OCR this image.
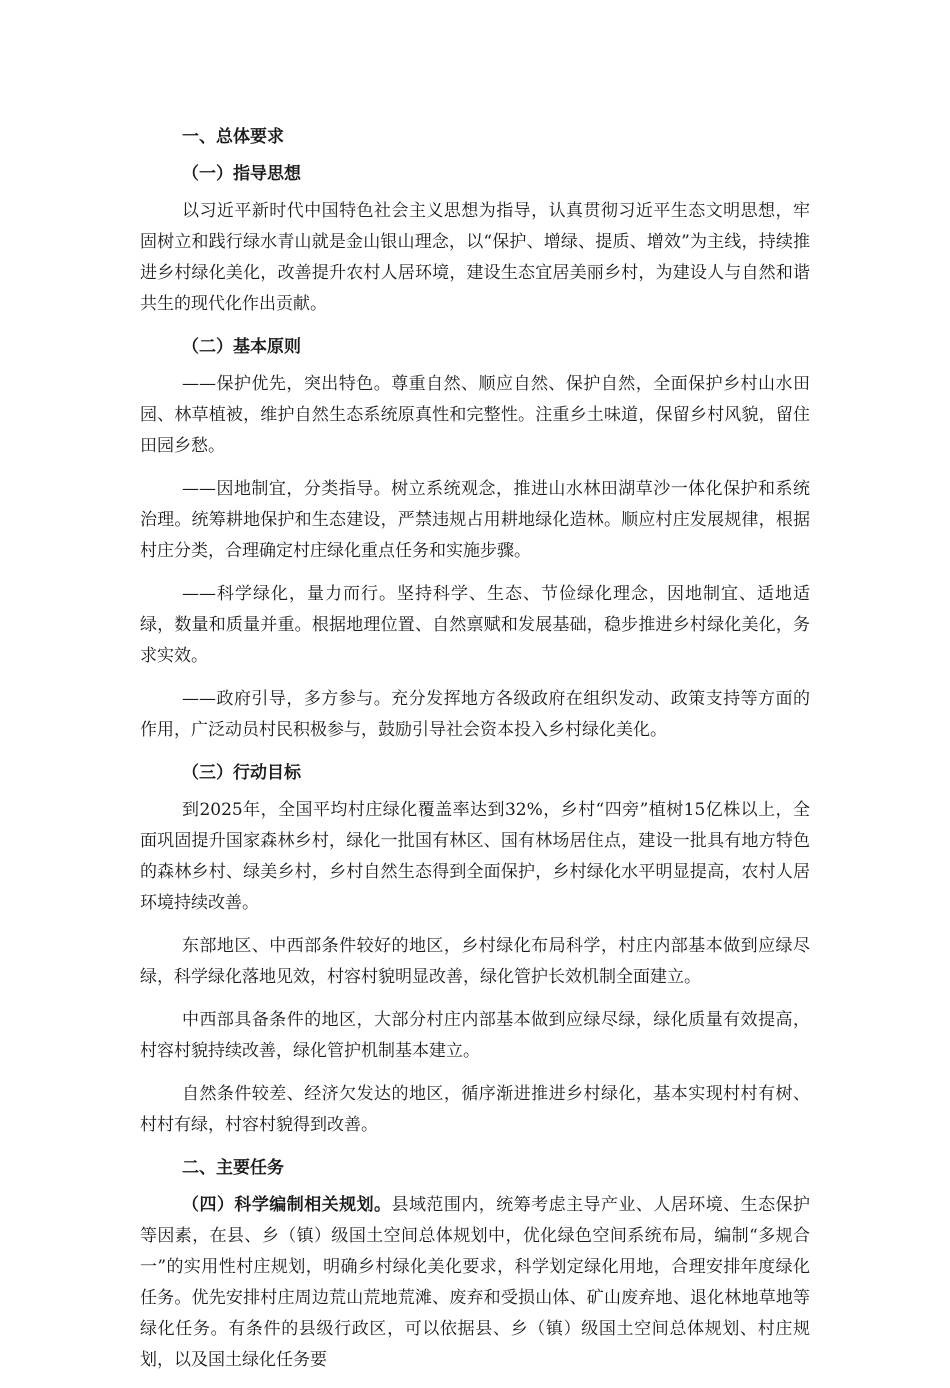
一、总体要求
（一）指导思想

以习近平新时代中国特色社会主义思想为指导，认真贯彻习近平生态文明思想，牢固树立和践行绿水青山就是金山银山理念，以“保护、增绿、提质、增效”为主线，持续推进乡村绿化美化，改善提升农村人居环境，建设生态宜居美丽乡村，为建设人与自然和谐共生的现代化作出贡献。

（二）基本原则

——保护优先，突出特色。尊重自然、顺应自然、保护自然，全面保护乡村山水田园、林草植被，维护自然生态系统原真性和完整性。注重乡土味道，保留乡村风貌，留住田园乡愁。

——因地制宜，分类指导。树立系统观念，推进山水林田湖草沙一体化保护和系统治理。统筹耕地保护和生态建设，严禁违规占用耕地绿化造林。顺应村庄发展规律，根据村庄分类，合理确定村庄绿化重点任务和实施步骤。

——科学绿化，量力而行。坚持科学、生态、节俭绿化理念，因地制宜、适地适绿，数量和质量并重。根据地理位置、自然禀赋和发展基础，稳步推进乡村绿化美化，务求实效。

——政府引导，多方参与。充分发挥地方各级政府在组织发动、政策支持等方面的作用，广泛动员村民积极参与，鼓励引导社会资本投入乡村绿化美化。

（三）行动目标

到2025年，全国平均村庄绿化覆盖率达到32%，乡村“四旁”植树15亿株以上，全面巩固提升国家森林乡村，绿化一批国有林区、国有林场居住点，建设一批具有地方特色的森林乡村、绿美乡村，乡村自然生态得到全面保护，乡村绿化水平明显提高，农村人居环境持续改善。

东部地区、中西部条件较好的地区，乡村绿化布局科学，村庄内部基本做到应绿尽绿，科学绿化落地见效，村容村貌明显改善，绿化管护长效机制全面建立。

中西部具备条件的地区，大部分村庄内部基本做到应绿尽绿，绿化质量有效提高，村容村貌持续改善，绿化管护机制基本建立。

自然条件较差、经济欠发达的地区，循序渐进推进乡村绿化，基本实现村村有树、村村有绿，村容村貌得到改善。

二、主要任务

（四）科学编制相关规划。县域范围内，统筹考虑主导产业、人居环境、生态保护等因素，在县、乡（镇）级国土空间总体规划中，优化绿色空间系统布局，编制“多规合一”的实用性村庄规划，明确乡村绿化美化要求，科学划定绿化用地，合理安排年度绿化任务。优先安排村庄周边荒山荒地荒滩、废弃和受损山体、矿山废弃地、退化林地草地等绿化任务。有条件的县级行政区，可以依据县、乡（镇）级国土空间总体规划、村庄规划，以及国土绿化任务要
